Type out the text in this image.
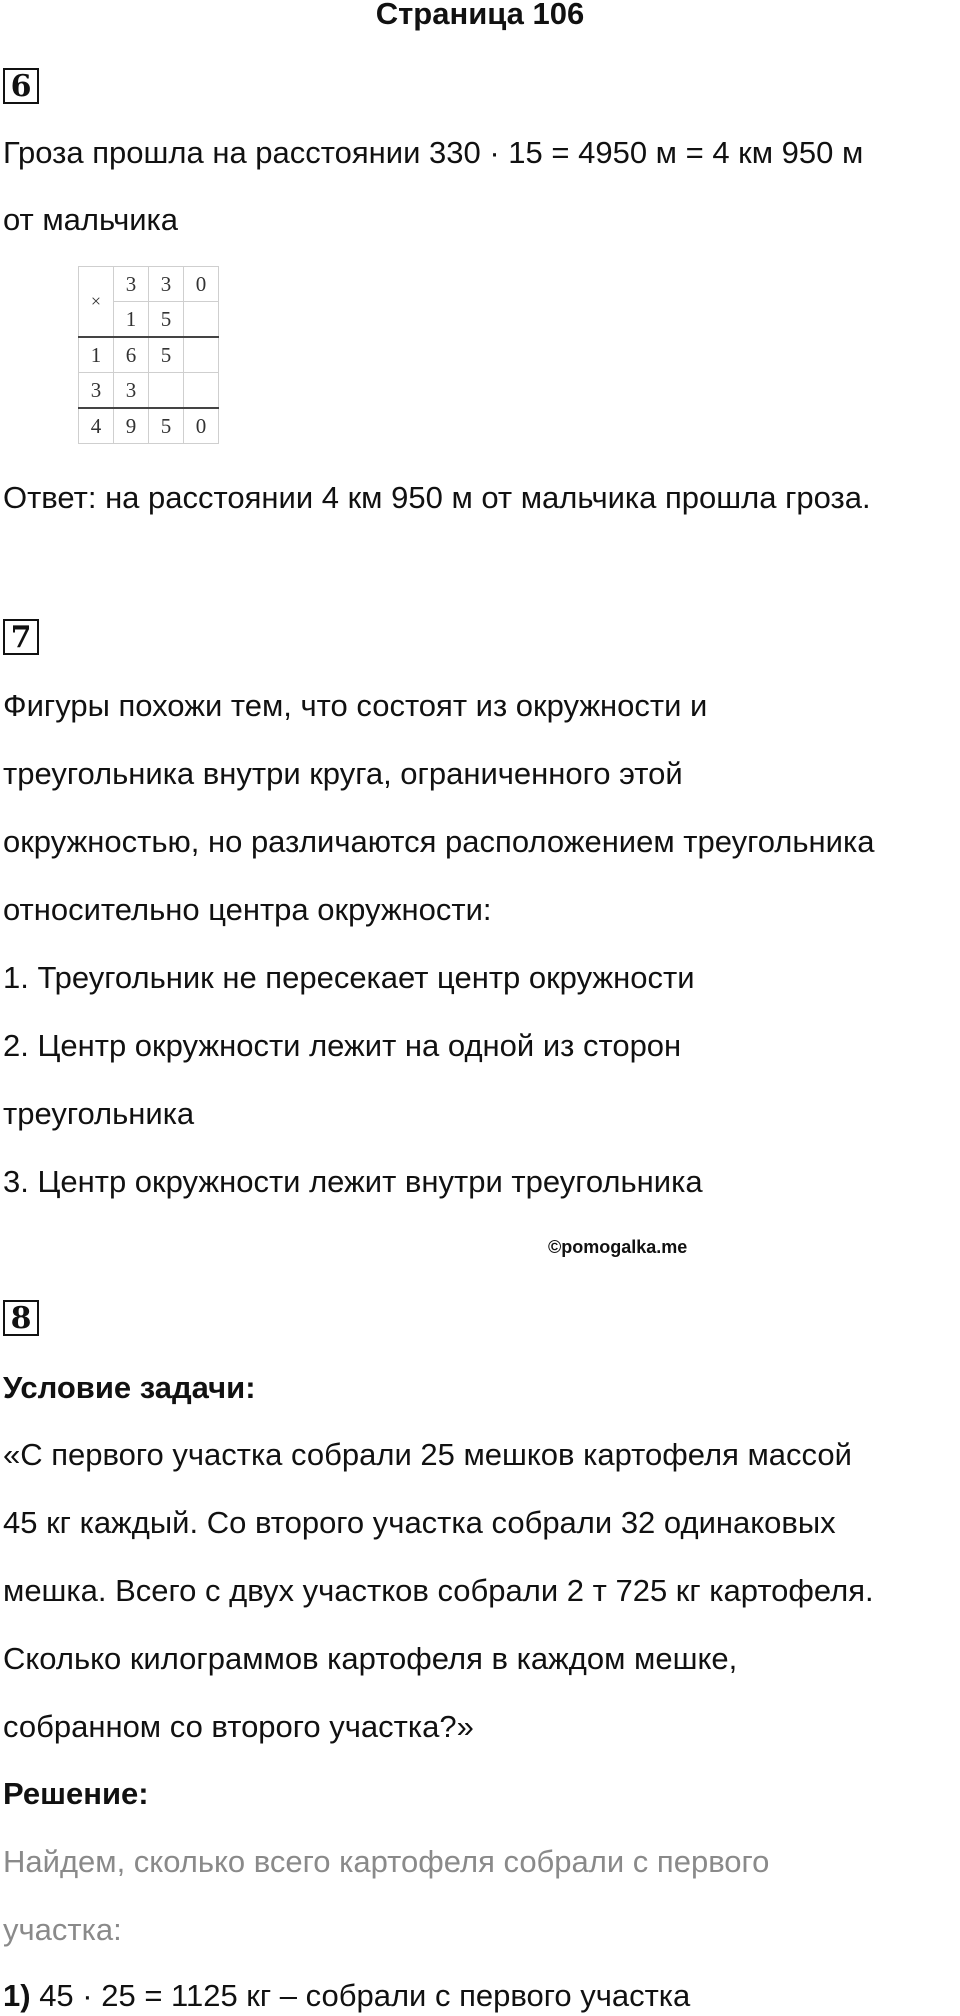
Страница 106
6
Гроза прошла на расстоянии 330 · 15 = 4950 м = 4 км 950 м
от мальчика
×	3	3	0
	1	5	
1	6	5	
3	3		
4	9	5	0
Ответ: на расстоянии 4 км 950 м от мальчика прошла гроза.
7
Фигуры похожи тем, что состоят из окружности и
треугольника внутри круга, ограниченного этой
окружностью, но различаются расположением треугольника
относительно центра окружности:
1. Треугольник не пересекает центр окружности
2. Центр окружности лежит на одной из сторон
треугольника
3. Центр окружности лежит внутри треугольника
©pomogalka.me
8
Условие задачи:
«С первого участка собрали 25 мешков картофеля массой
45 кг каждый. Со второго участка собрали 32 одинаковых
мешка. Всего с двух участков собрали 2 т 725 кг картофеля.
Сколько килограммов картофеля в каждом мешке,
собранном со второго участка?»
Решение:
Найдем, сколько всего картофеля собрали с первого
участка:
1) 45 · 25 = 1125 кг – собрали с первого участка
